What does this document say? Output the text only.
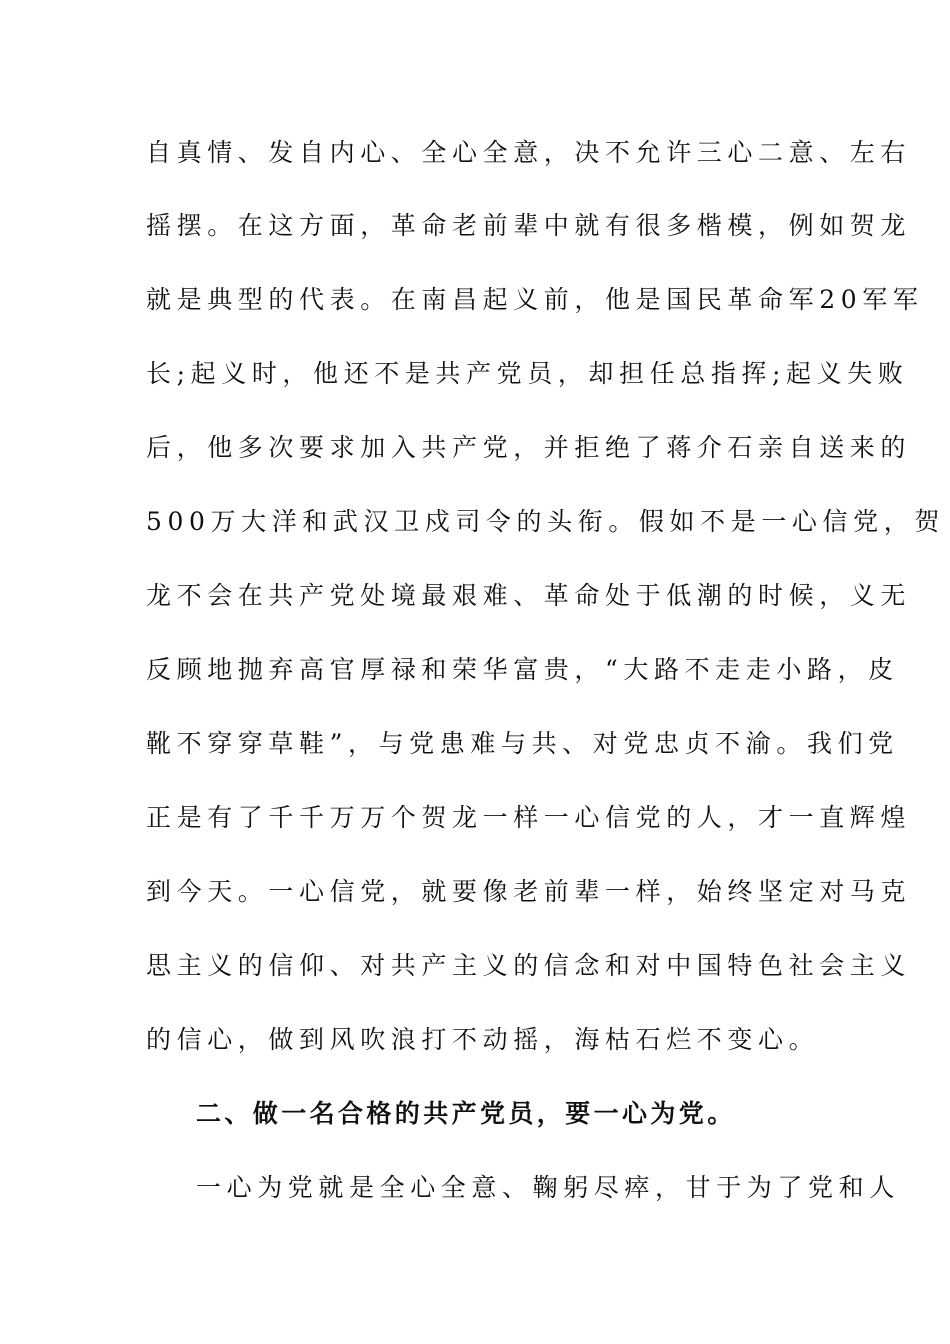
自真情、发自内心、全心全意，决不允许三心二意、左右
摇摆。在这方面，革命老前辈中就有很多楷模，例如贺龙
就是典型的代表。在南昌起义前，他是国民革命军20军军
长;起义时，他还不是共产党员，却担任总指挥;起义失败
后，他多次要求加入共产党，并拒绝了蒋介石亲自送来的
500万大洋和武汉卫戍司令的头衔。假如不是一心信党，贺
龙不会在共产党处境最艰难、革命处于低潮的时候，义无
反顾地抛弃高官厚禄和荣华富贵，“大路不走走小路，皮
靴不穿穿草鞋”，与党患难与共、对党忠贞不渝。我们党
正是有了千千万万个贺龙一样一心信党的人，才一直辉煌
到今天。一心信党，就要像老前辈一样，始终坚定对马克
思主义的信仰、对共产主义的信念和对中国特色社会主义
的信心，做到风吹浪打不动摇，海枯石烂不变心。
二、做一名合格的共产党员，要一心为党。
一心为党就是全心全意、鞠躬尽瘁，甘于为了党和人
